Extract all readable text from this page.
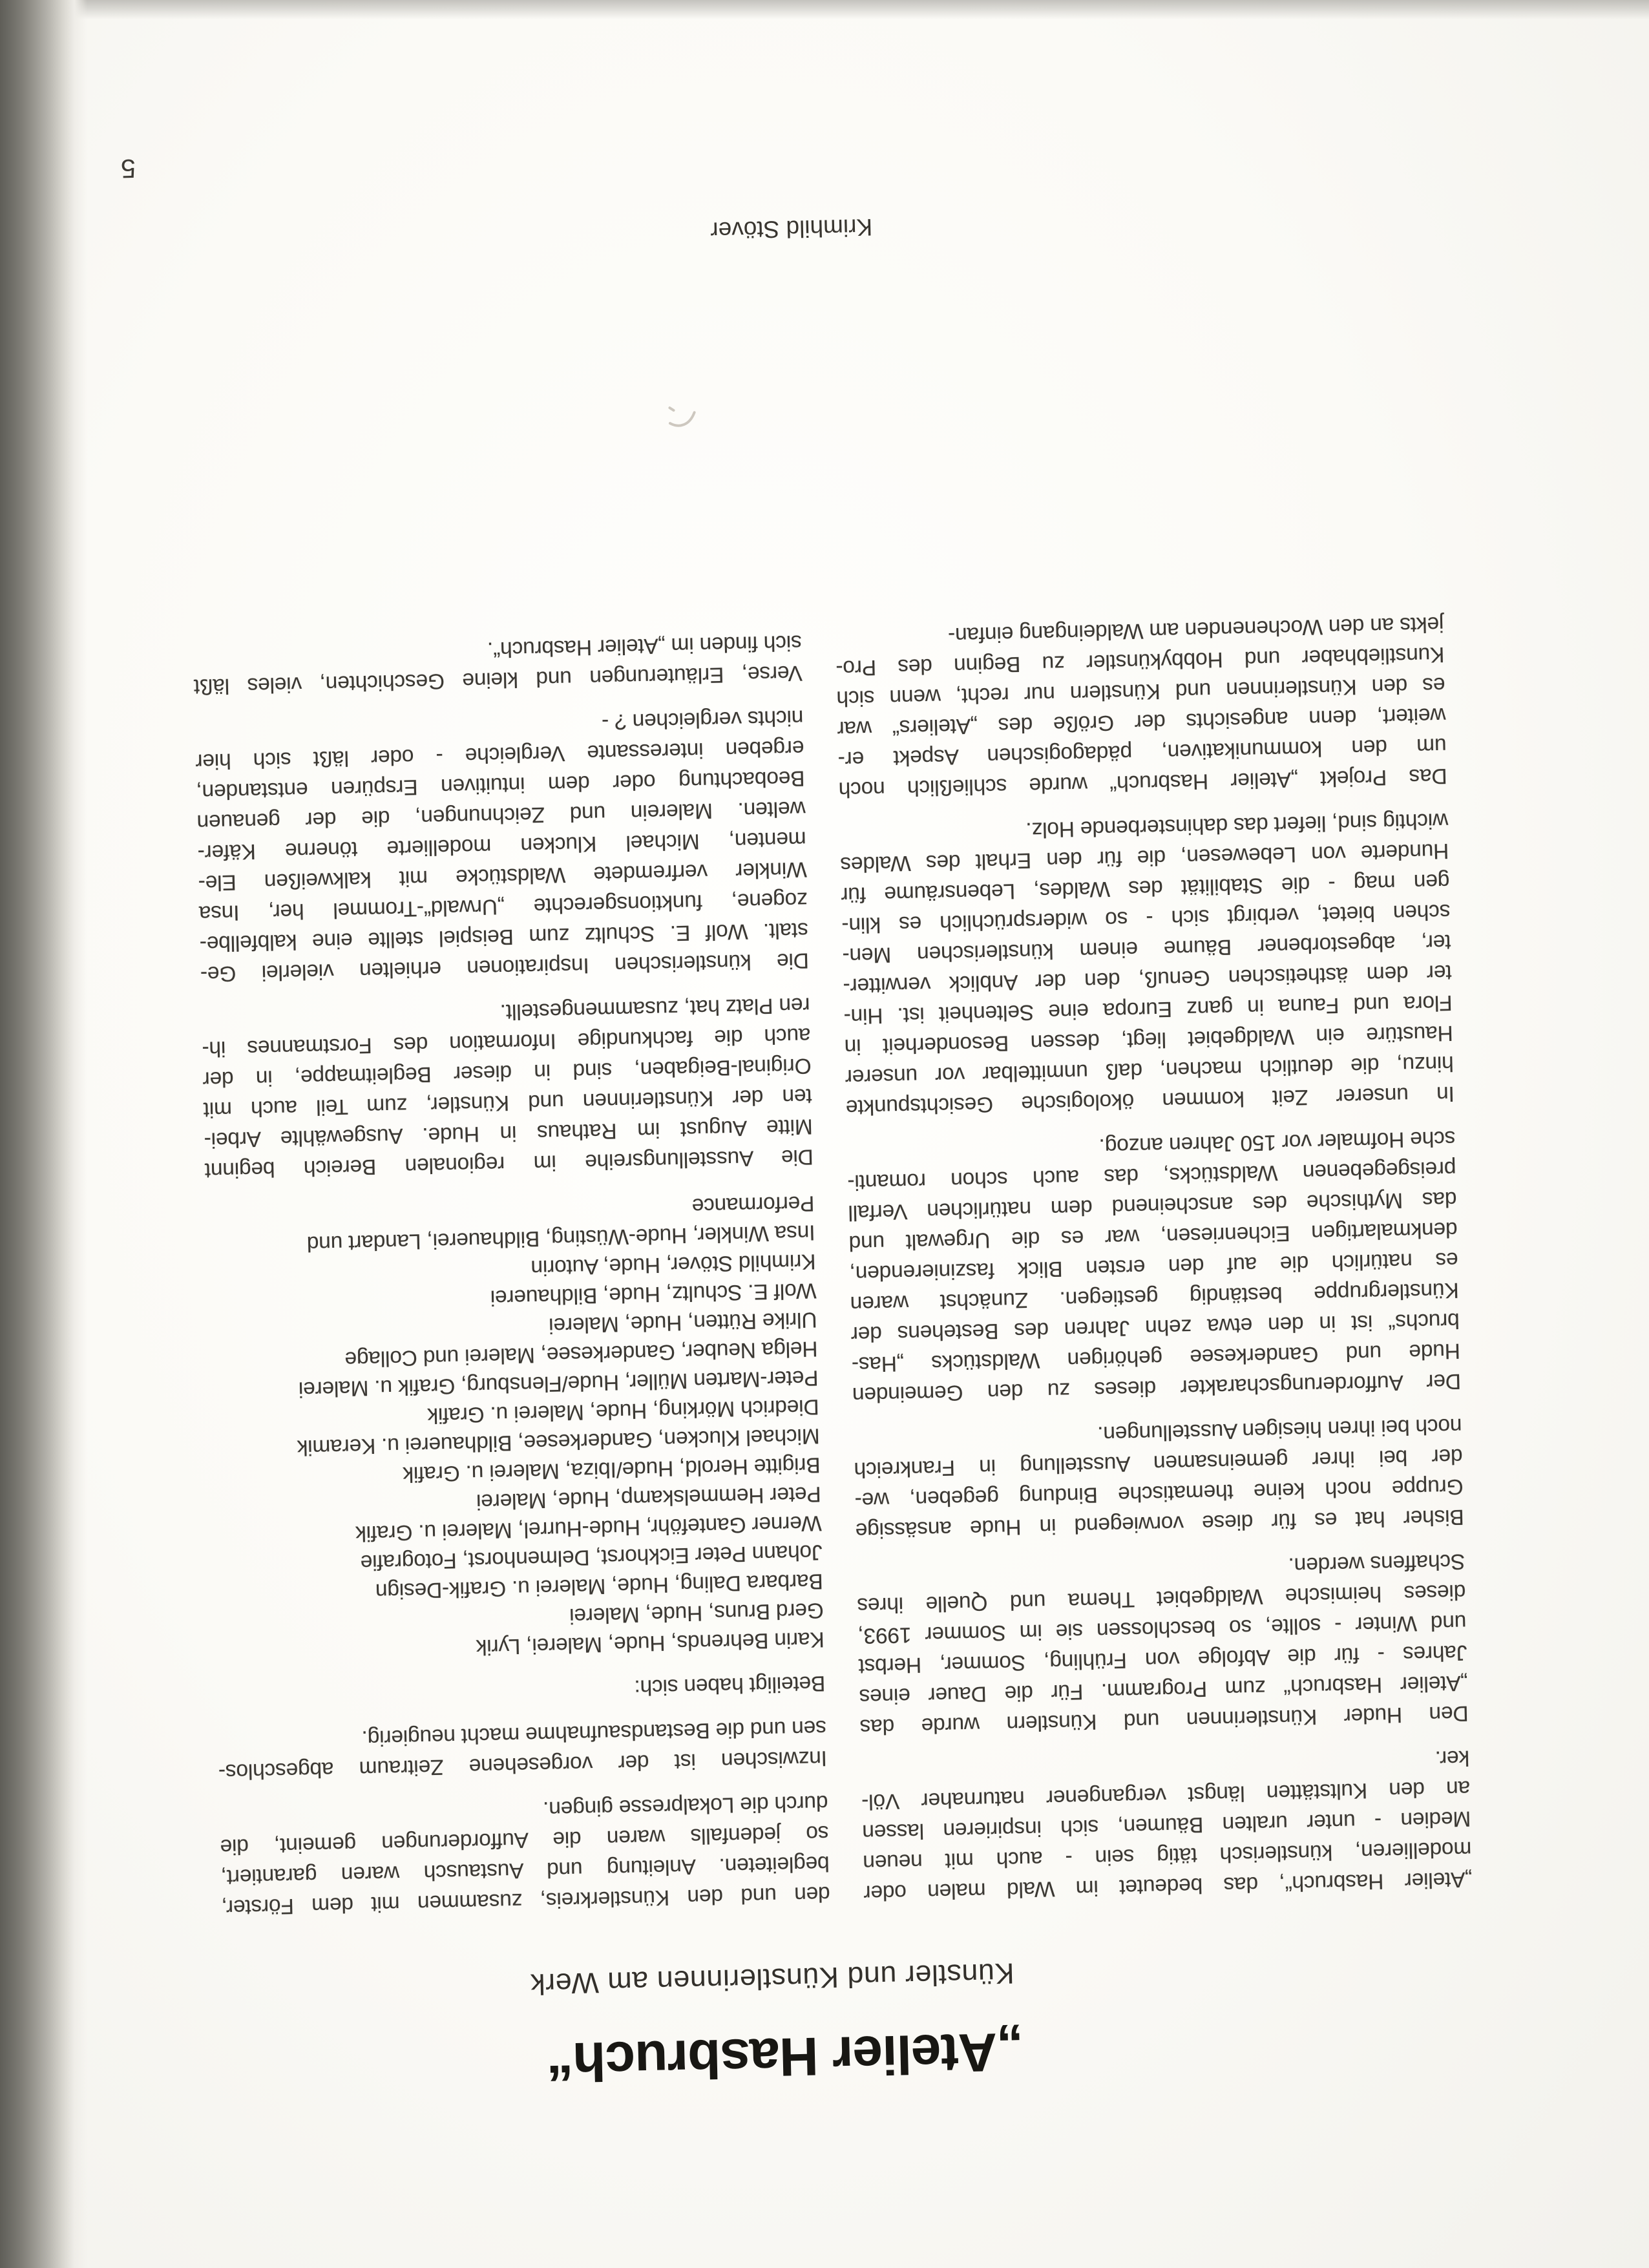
„Atelier Hasbruch“
Künstler und Künstlerinnen am Werk
„Atelier Hasbruch“, das bedeutet im Wald malen oder
modellieren, künstlerisch tätig sein - auch mit neuen
Medien - unter uralten Bäumen, sich inspirieren lassen
an den Kultstätten längst vergangener naturnaher Völ-
ker.
Den Huder Künstlerinnen und Künstlern wurde das
„Atelier Hasbruch“ zum Programm. Für die Dauer eines
Jahres - für die Abfolge von Frühling, Sommer, Herbst
und Winter - sollte, so beschlossen sie im Sommer 1993,
dieses heimische Waldgebiet Thema und Quelle ihres
Schaffens werden.
Bisher hat es für diese vorwiegend in Hude ansässige
Gruppe noch keine thematische Bindung gegeben, we-
der bei ihrer gemeinsamen Ausstellung in Frankreich
noch bei ihren hiesigen Ausstellungen.
Der Aufforderungscharakter dieses zu den Gemeinden
Hude und Ganderkesee gehörigen Waldstücks „Has-
bruchs“ ist in den etwa zehn Jahren des Bestehens der
Künstlergruppe beständig gestiegen. Zunächst waren
es natürlich die auf den ersten Blick faszinierenden,
denkmalartigen Eichenriesen, war es die Urgewalt und
das Mythische des anscheinend dem natürlichen Verfall
preisgegebenen Waldstücks, das auch schon romanti-
sche Hofmaler vor 150 Jahren anzog.
In unserer Zeit kommen ökologische Gesichtspunkte
hinzu, die deutlich machen, daß unmittelbar vor unserer
Haustüre ein Waldgebiet liegt, dessen Besonderheit in
Flora und Fauna in ganz Europa eine Seltenheit ist. Hin-
ter dem ästhetischen Genuß, den der Anblick verwitter-
ter, abgestorbener Bäume einem künstlerischen Men-
schen bietet, verbirgt sich - so widersprüchlich es klin-
gen mag - die Stabilität des Waldes, Lebensräume für
Hunderte von Lebewesen, die für den Erhalt des Waldes
wichtig sind, liefert das dahinsterbende Holz.
Das Projekt „Atelier Hasbruch“ wurde schließlich noch
um den kommunikativen, pädagogischen Aspekt er-
weitert, denn angesichts der Größe des „Ateliers“ war
es den Künstlerinnen und Künstlern nur recht, wenn sich
Kunstliebhaber und Hobbykünstler zu Beginn des Pro-
jekts an den Wochenenden am Waldeingang einfan-
den und den Künstlerkreis, zusammen mit dem Förster,
begleiteten. Anleitung und Austausch waren garantiert,
so jedenfalls waren die Aufforderungen gemeint, die
durch die Lokalpresse gingen.
Inzwischen ist der vorgesehene Zeitraum abgeschlos-
sen und die Bestandsaufnahme macht neugierig.
Beteiligt haben sich:
Karin Behrends, Hude, Malerei, Lyrik
Gerd Bruns, Hude, Malerei
Barbara Daling, Hude, Malerei u. Grafik-Design
Johann Peter Eickhorst, Delmenhorst, Fotografie
Werner Ganteföhr, Hude-Hurrel, Malerei u. Grafik
Peter Hemmelskamp, Hude, Malerei
Brigitte Herold, Hude/Ibiza, Malerei u. Grafik
Michael Klucken, Ganderkesee, Bildhauerei u. Keramik
Diedrich Mörking, Hude, Malerei u. Grafik
Peter-Marten Müller, Hude/Flensburg, Grafik u. Malerei
Helga Neuber, Ganderkesee, Malerei und Collage
Ulrike Rütten, Hude, Malerei
Wolf E. Schultz, Hude, Bildhauerei
Krimhild Stöver, Hude, Autorin
Insa Winkler, Hude-Wüsting, Bildhauerei, Landart und
Performance
Die Ausstellungsreihe im regionalen Bereich beginnt
Mitte August im Rathaus in Hude. Ausgewählte Arbei-
ten der Künstlerinnen und Künstler, zum Teil auch mit
Original-Beigaben, sind in dieser Begleitmappe, in der
auch die fachkundige Information des Forstmannes ih-
ren Platz hat, zusammengestellt.
Die künstlerischen Inspirationen erhielten vielerlei Ge-
stalt. Wolf E. Schultz zum Beispiel stellte eine kalbfellbe-
zogene, funktionsgerechte „Urwald“-Trommel her, Insa
Winkler verfremdete Waldstücke mit kalkweißen Ele-
menten, Michael Klucken modellierte tönerne Käfer-
welten. Malerein und Zeichnungen, die der genauen
Beobachtung oder dem intuitiven Erspüren entstanden,
ergeben interessante Vergleiche - oder läßt sich hier
nichts vergleichen ? -
Verse, Erläuterungen und kleine Geschichten, vieles läßt
sich finden im „Atelier Hasbruch“.
Krimhild Stöver
5
